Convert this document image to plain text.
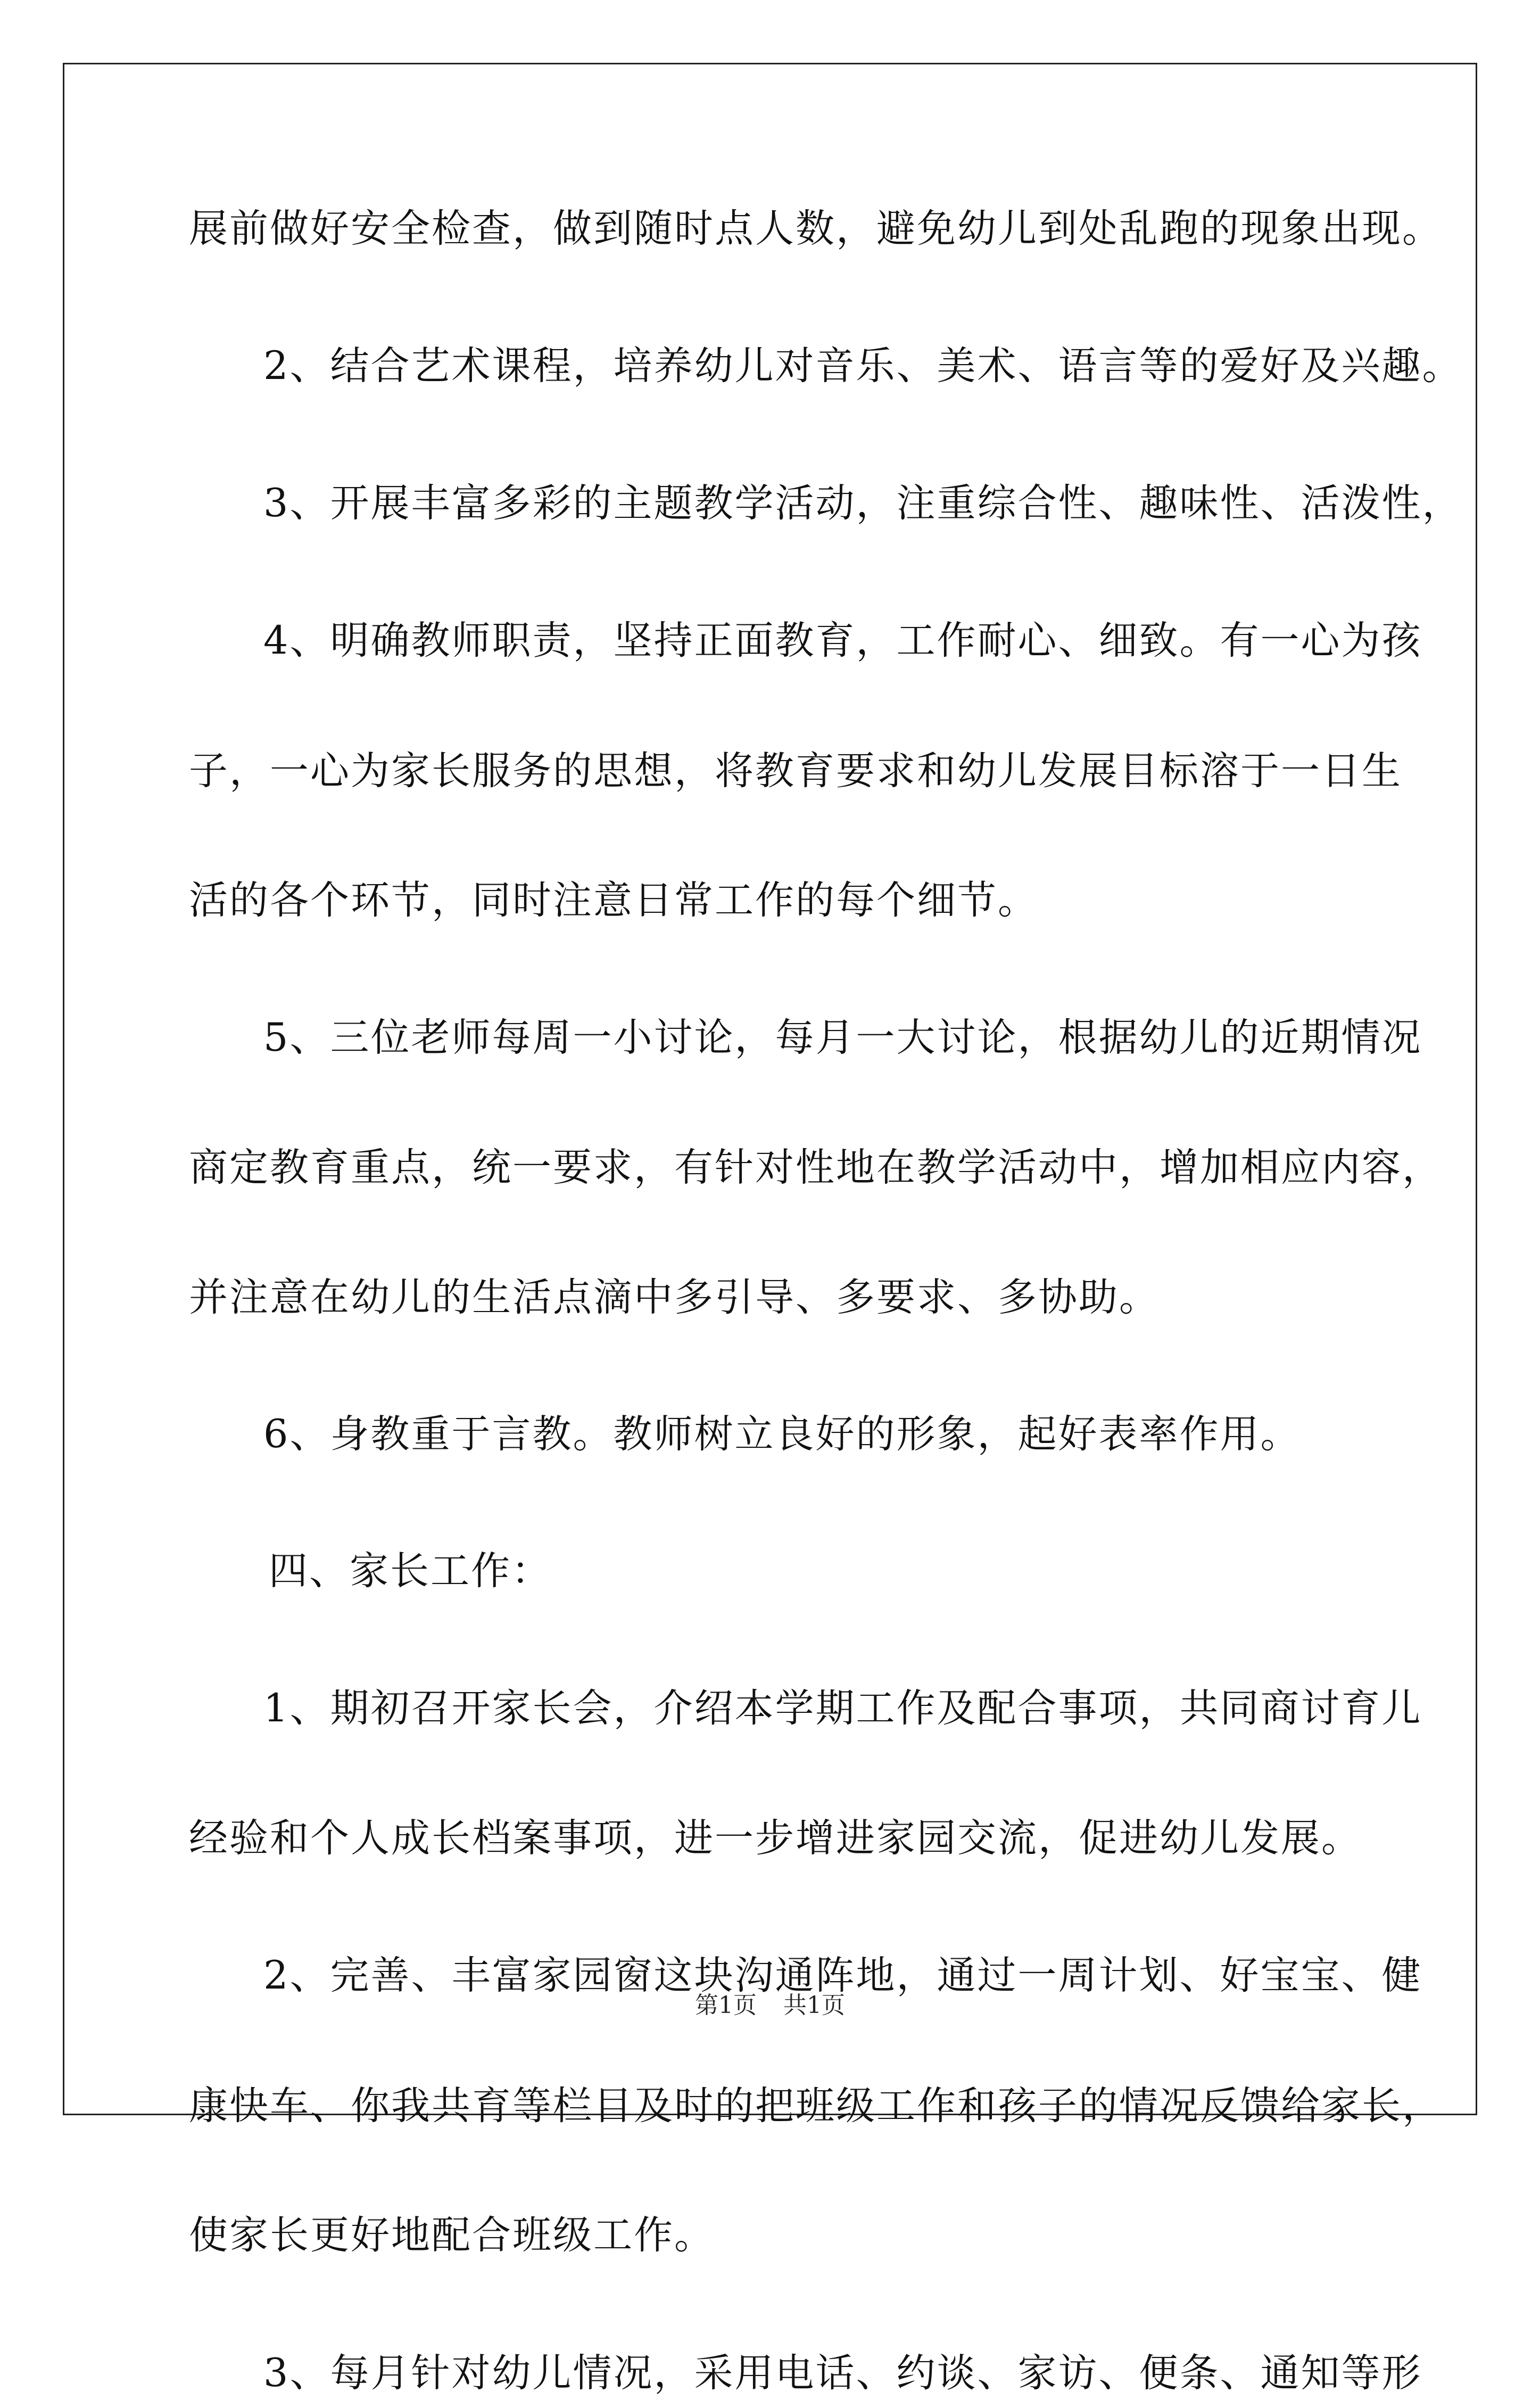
展前做好安全检查，做到随时点人数，避免幼儿到处乱跑的现象出现。
2、结合艺术课程，培养幼儿对音乐、美术、语言等的爱好及兴趣。
3、开展丰富多彩的主题教学活动，注重综合性、趣味性、活泼性，
4、明确教师职责，坚持正面教育，工作耐心、细致。有一心为孩
子，一心为家长服务的思想，将教育要求和幼儿发展目标溶于一日生
活的各个环节，同时注意日常工作的每个细节。
5、三位老师每周一小讨论，每月一大讨论，根据幼儿的近期情况
商定教育重点，统一要求，有针对性地在教学活动中，增加相应内容，
并注意在幼儿的生活点滴中多引导、多要求、多协助。
6、身教重于言教。教师树立良好的形象，起好表率作用。
四、家长工作：
1、期初召开家长会，介绍本学期工作及配合事项，共同商讨育儿
经验和个人成长档案事项，进一步增进家园交流，促进幼儿发展。
2、完善、丰富家园窗这块沟通阵地，通过一周计划、好宝宝、健
康快车、你我共育等栏目及时的把班级工作和孩子的情况反馈给家长，
使家长更好地配合班级工作。
3、每月针对幼儿情况，采用电话、约谈、家访、便条、通知等形
第1页 共1页
